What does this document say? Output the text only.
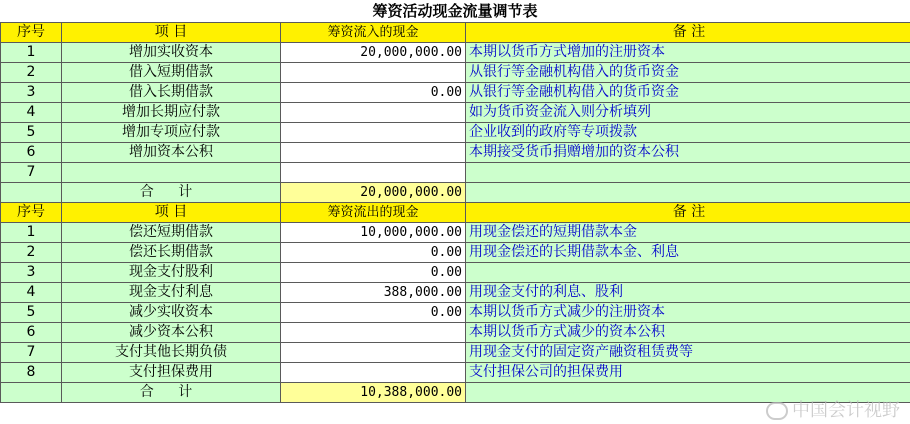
筹资活动现金流量调节表
序号	项 目	筹资流入的现金	备 注
1	增加实收资本	20,000,000.00	本期以货币方式增加的注册资本
2	借入短期借款		从银行等金融机构借入的货币资金
3	借入长期借款	0.00	从银行等金融机构借入的货币资金
4	增加长期应付款		如为货币资金流入则分析填列
5	增加专项应付款		企业收到的政府等专项拨款
6	增加资本公积		本期接受货币捐赠增加的资本公积
7			
	合 计	20,000,000.00	
序号	项 目	筹资流出的现金	备 注
1	偿还短期借款	10,000,000.00	用现金偿还的短期借款本金
2	偿还长期借款	0.00	用现金偿还的长期借款本金、利息
3	现金支付股利	0.00	
4	现金支付利息	388,000.00	用现金支付的利息、股利
5	减少实收资本	0.00	本期以货币方式减少的注册资本
6	减少资本公积		本期以货币方式减少的资本公积
7	支付其他长期负债		用现金支付的固定资产融资租赁费等
8	支付担保费用		支付担保公司的担保费用
	合 计	10,388,000.00	
中国会计视野
